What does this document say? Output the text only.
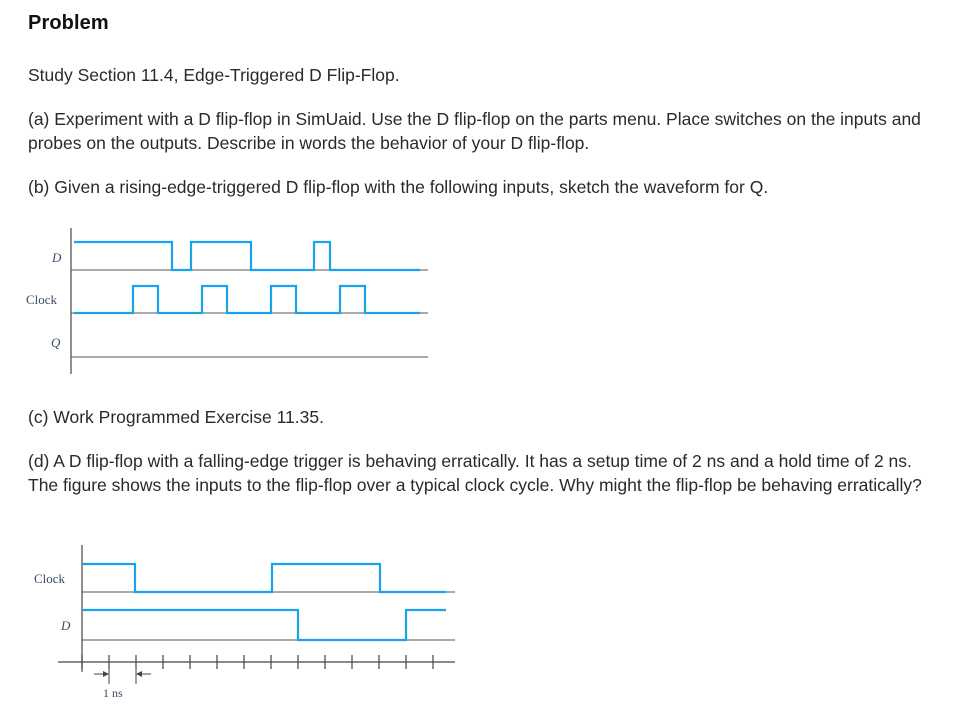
Problem
Study Section 11.4, Edge-Triggered D Flip-Flop.
(a) Experiment with a D flip-flop in SimUaid. Use the D flip-flop on the parts menu. Place switches on the inputs and probes on the outputs. Describe in words the behavior of your D flip-flop.
(b) Given a rising-edge-triggered D flip-flop with the following inputs, sketch the waveform for Q.
(c) Work Programmed Exercise 11.35.
(d) A D flip-flop with a falling-edge trigger is behaving erratically. It has a setup time of 2 ns and a hold time of 2 ns. The figure shows the inputs to the flip-flop over a typical clock cycle. Why might the flip-flop be behaving erratically?
D
Clock
Q
Clock
D
1 ns
